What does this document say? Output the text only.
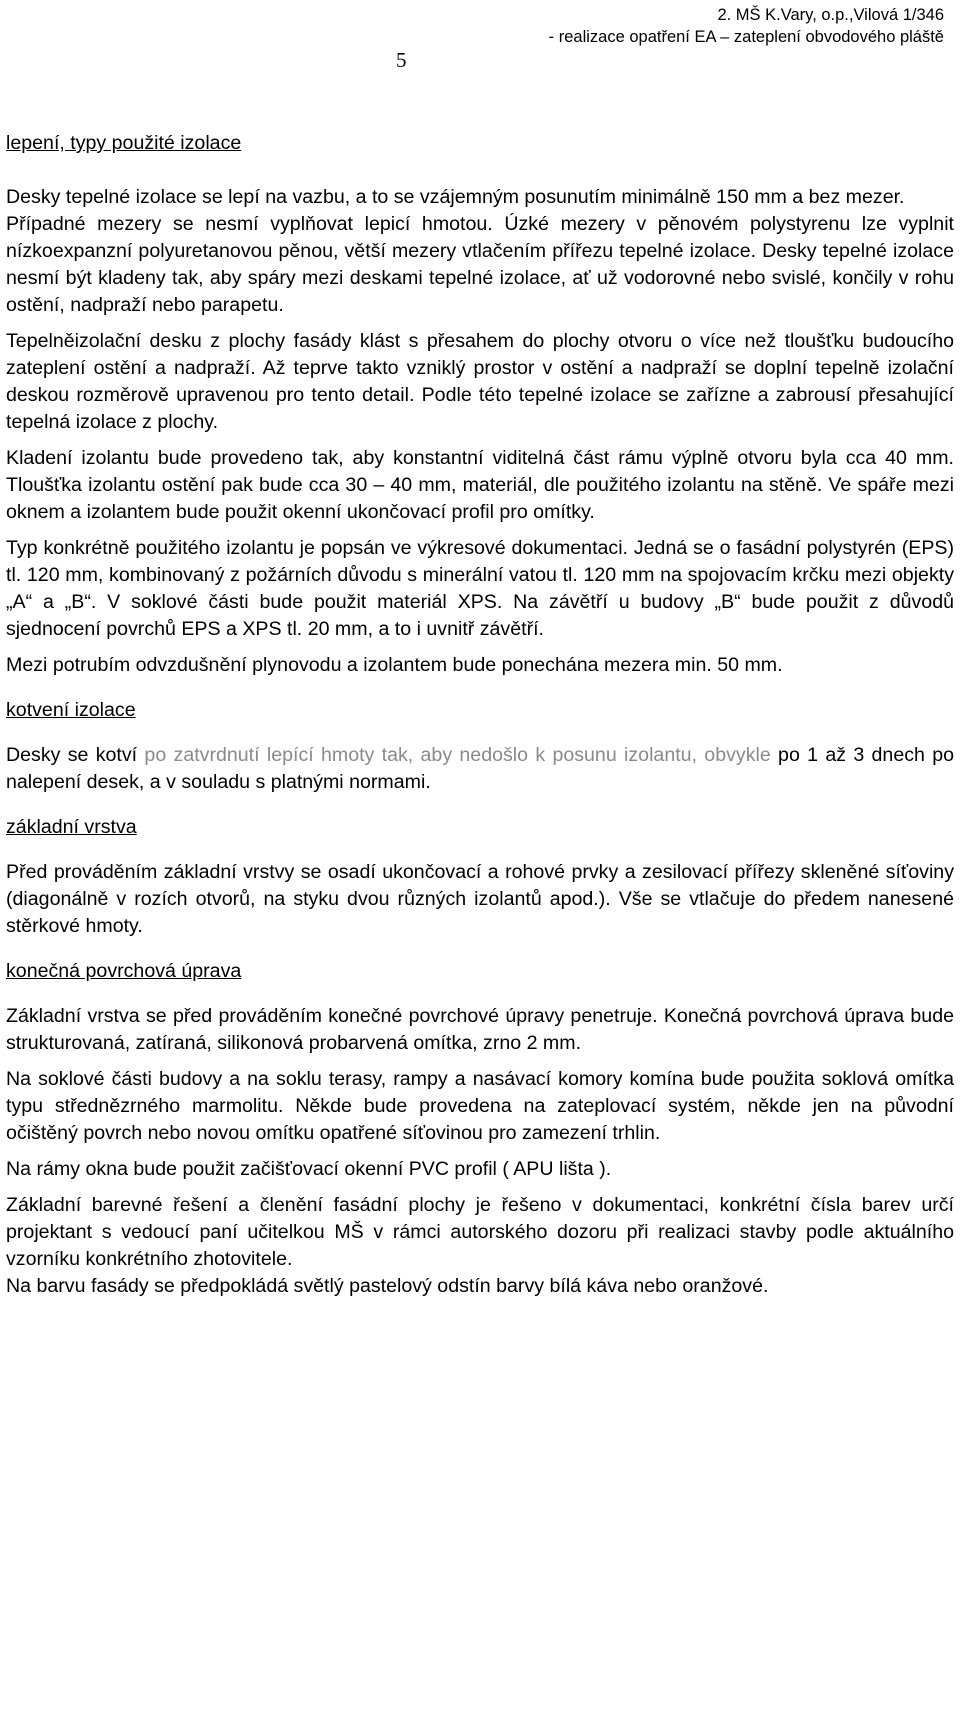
2. MŠ K.Vary, o.p.,Vilová 1/346
- realizace opatření EA – zateplení obvodového pláště
5

lepení, typy použité izolace

Desky tepelné izolace se lepí na vazbu, a to se vzájemným posunutím minimálně 150 mm a bez mezer.

Případné mezery se nesmí vyplňovat lepicí hmotou. Úzké mezery v pěnovém polystyrenu lze vyplnit nízkoexpanzní polyuretanovou pěnou, větší mezery vtlačením přířezu tepelné izolace. Desky tepelné izolace nesmí být kladeny tak, aby spáry mezi deskami tepelné izolace, ať už vodorovné nebo svislé, končily v rohu ostění, nadpraží nebo parapetu.

Tepelněizolační desku z plochy fasády klást s přesahem do plochy otvoru o více než tloušťku budoucího zateplení ostění a nadpraží. Až teprve takto vzniklý prostor v ostění a nadpraží se doplní tepelně izolační deskou rozměrově upravenou pro tento detail. Podle této tepelné izolace se zařízne a zabrousí přesahující tepelná izolace z plochy.

Kladení izolantu bude provedeno tak, aby konstantní viditelná část rámu výplně otvoru byla cca 40 mm. Tloušťka izolantu ostění pak bude cca 30 – 40 mm, materiál, dle použitého izolantu na stěně. Ve spáře mezi oknem a izolantem bude použit okenní ukončovací profil pro omítky.

Typ konkrétně použitého izolantu je popsán ve výkresové dokumentaci. Jedná se o fasádní polystyrén (EPS) tl. 120 mm, kombinovaný z požárních důvodu s minerální vatou tl. 120 mm na spojovacím krčku mezi objekty „A“ a „B“. V soklové části bude použit materiál XPS. Na závětří u budovy „B“ bude použit z důvodů sjednocení povrchů EPS a XPS tl. 20 mm, a to i uvnitř závětří.

Mezi potrubím odvzdušnění plynovodu a izolantem bude ponechána mezera min. 50 mm.

kotvení izolace

Desky se kotví po zatvrdnutí lepící hmoty tak, aby nedošlo k posunu izolantu, obvykle po 1 až 3 dnech po nalepení desek, a v souladu s platnými normami.

základní vrstva

Před prováděním základní vrstvy se osadí ukončovací a rohové prvky a zesilovací přířezy skleněné síťoviny (diagonálně v rozích otvorů, na styku dvou různých izolantů apod.). Vše se vtlačuje do předem nanesené stěrkové hmoty.

konečná povrchová úprava

Základní vrstva se před prováděním konečné povrchové úpravy penetruje. Konečná povrchová úprava bude strukturovaná, zatíraná, silikonová probarvená omítka, zrno 2 mm.

Na soklové části budovy a na soklu terasy, rampy a nasávací komory komína bude použita soklová omítka typu střednězrného marmolitu. Někde bude provedena na zateplovací systém, někde jen na původní očištěný povrch nebo novou omítku opatřené síťovinou pro zamezení trhlin.

Na rámy okna bude použit začišťovací okenní PVC profil ( APU lišta ).

Základní barevné řešení a členění fasádní plochy je řešeno v dokumentaci, konkrétní čísla barev určí projektant s vedoucí paní učitelkou MŠ v rámci autorského dozoru při realizaci stavby podle aktuálního vzorníku konkrétního zhotovitele.

Na barvu fasády se předpokládá světlý pastelový odstín barvy bílá káva nebo oranžové.
